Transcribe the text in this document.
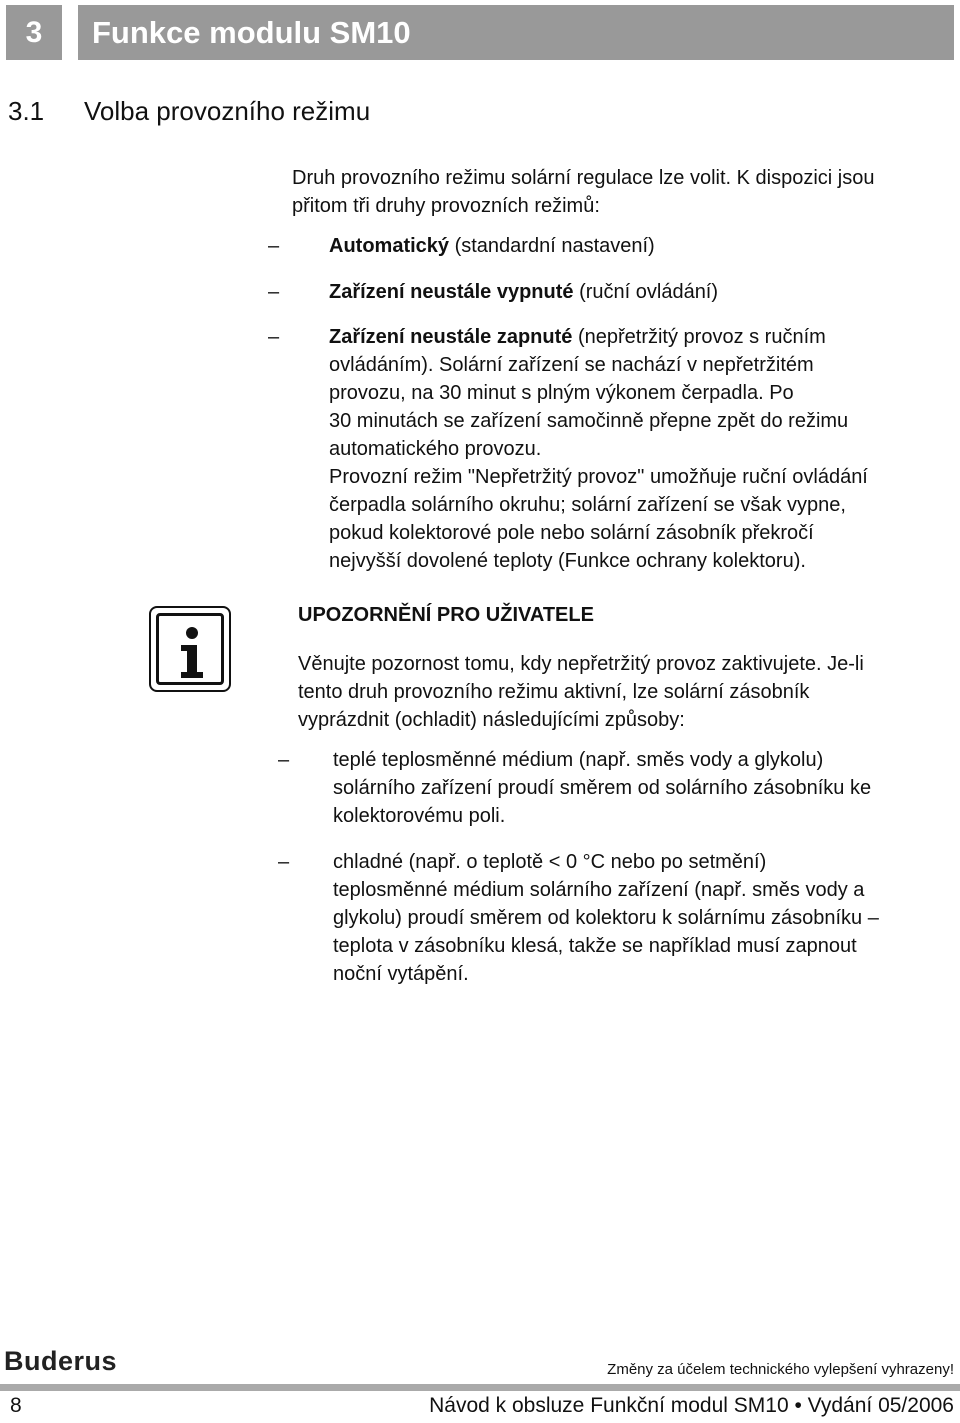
3	Funkce modulu SM10
3.1 Volba provozního režimu

Druh provozního režimu solární regulace lze volit. K dispozici jsou

přitom tři druhy provozních režimů:

– Automatický (standardní nastavení)
– Zařízení neustále vypnuté (ruční ovládání)
– Zařízení neustále zapnuté (nepřetržitý provoz s ručním
ovládáním). Solární zařízení se nachází v nepřetržitém
provozu, na 30 minut s plným výkonem čerpadla. Po
30 minutách se zařízení samočinně přepne zpět do režimu
automatického provozu.
Provozní režim "Nepřetržitý provoz" umožňuje ruční ovládání
čerpadla solárního okruhu; solární zařízení se však vypne,
pokud kolektorové pole nebo solární zásobník překročí
nejvyšší dovolené teploty (Funkce ochrany kolektoru).
UPOZORNĚNÍ PRO UŽIVATELE

Věnujte pozornost tomu, kdy nepřetržitý provoz zaktivujete. Je-li

tento druh provozního režimu aktivní, lze solární zásobník

vyprázdnit (ochladit) následujícími způsoby:

– teplé teplosměnné médium (např. směs vody a glykolu)
solárního zařízení proudí směrem od solárního zásobníku ke
kolektorovému poli.
– chladné (např. o teplotě < 0 °C nebo po setmění)
teplosměnné médium solárního zařízení (např. směs vody a
glykolu) proudí směrem od kolektoru k solárnímu zásobníku –
teplota v zásobníku klesá, takže se například musí zapnout
noční vytápění.
Buderus	Změny za účelem technického vylepšení vyhrazeny!
8	Návod k obsluze Funkční modul SM10 • Vydání 05/2006
